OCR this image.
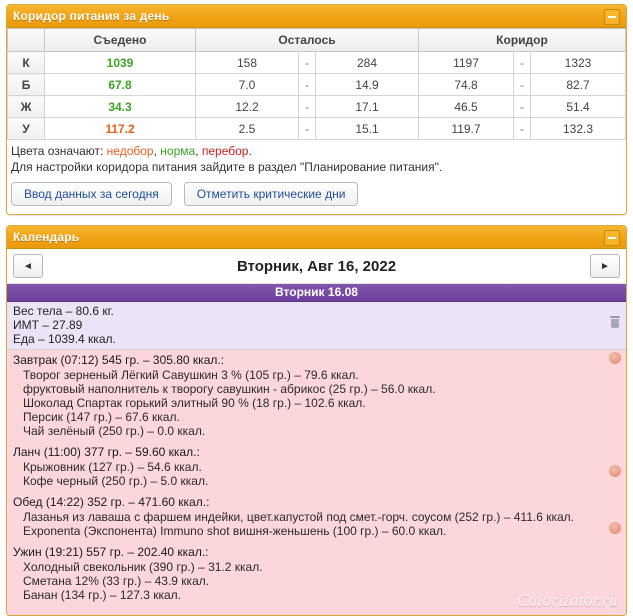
Коридор питания за день
	Съедено	Осталось			Коридор		
К	1039	158	-	284	1197	-	1323
Б	67.8	7.0	-	14.9	74.8	-	82.7
Ж	34.3	12.2	-	17.1	46.5	-	51.4
У	117.2	2.5	-	15.1	119.7	-	132.3
Цвета означают: недобор, норма, перебор.
Для настройки коридора питания зайдите в раздел "Планирование питания".
Ввод данных за сегодня	Отметить критические дни
Календарь
◄	Вторник, Авг 16, 2022	►
Вторник 16.08
Вес тела – 80.6 кг.
ИМТ – 27.89
Еда – 1039.4 ккал.
Завтрак (07:12) 545 гр. – 305.80 ккал.:
Творог зерненый Лёгкий Савушкин 3 % (105 гр.) – 79.6 ккал.
фруктовый наполнитель к творогу савушкин - абрикос (25 гр.) – 56.0 ккал.
Шоколад Спартак горький элитный 90 % (18 гр.) – 102.6 ккал.
Персик (147 гр.) – 67.6 ккал.
Чай зелёный (250 гр.) – 0.0 ккал.
Ланч (11:00) 377 гр. – 59.60 ккал.:
Крыжовник (127 гр.) – 54.6 ккал.
Кофе черный (250 гр.) – 5.0 ккал.
Обед (14:22) 352 гр. – 471.60 ккал.:
Лазанья из лаваша с фаршем индейки, цвет.капустой под смет.-горч. соусом (252 гр.) – 411.6 ккал.
Exponenta (Экспонента) Immuno shot вишня-женьшень (100 гр.) – 60.0 ккал.
Ужин (19:21) 557 гр. – 202.40 ккал.:
Холодный свекольник (390 гр.) – 31.2 ккал.
Сметана 12% (33 гр.) – 43.9 ккал.
Банан (134 гр.) – 127.3 ккал.	Calorizator.ru
